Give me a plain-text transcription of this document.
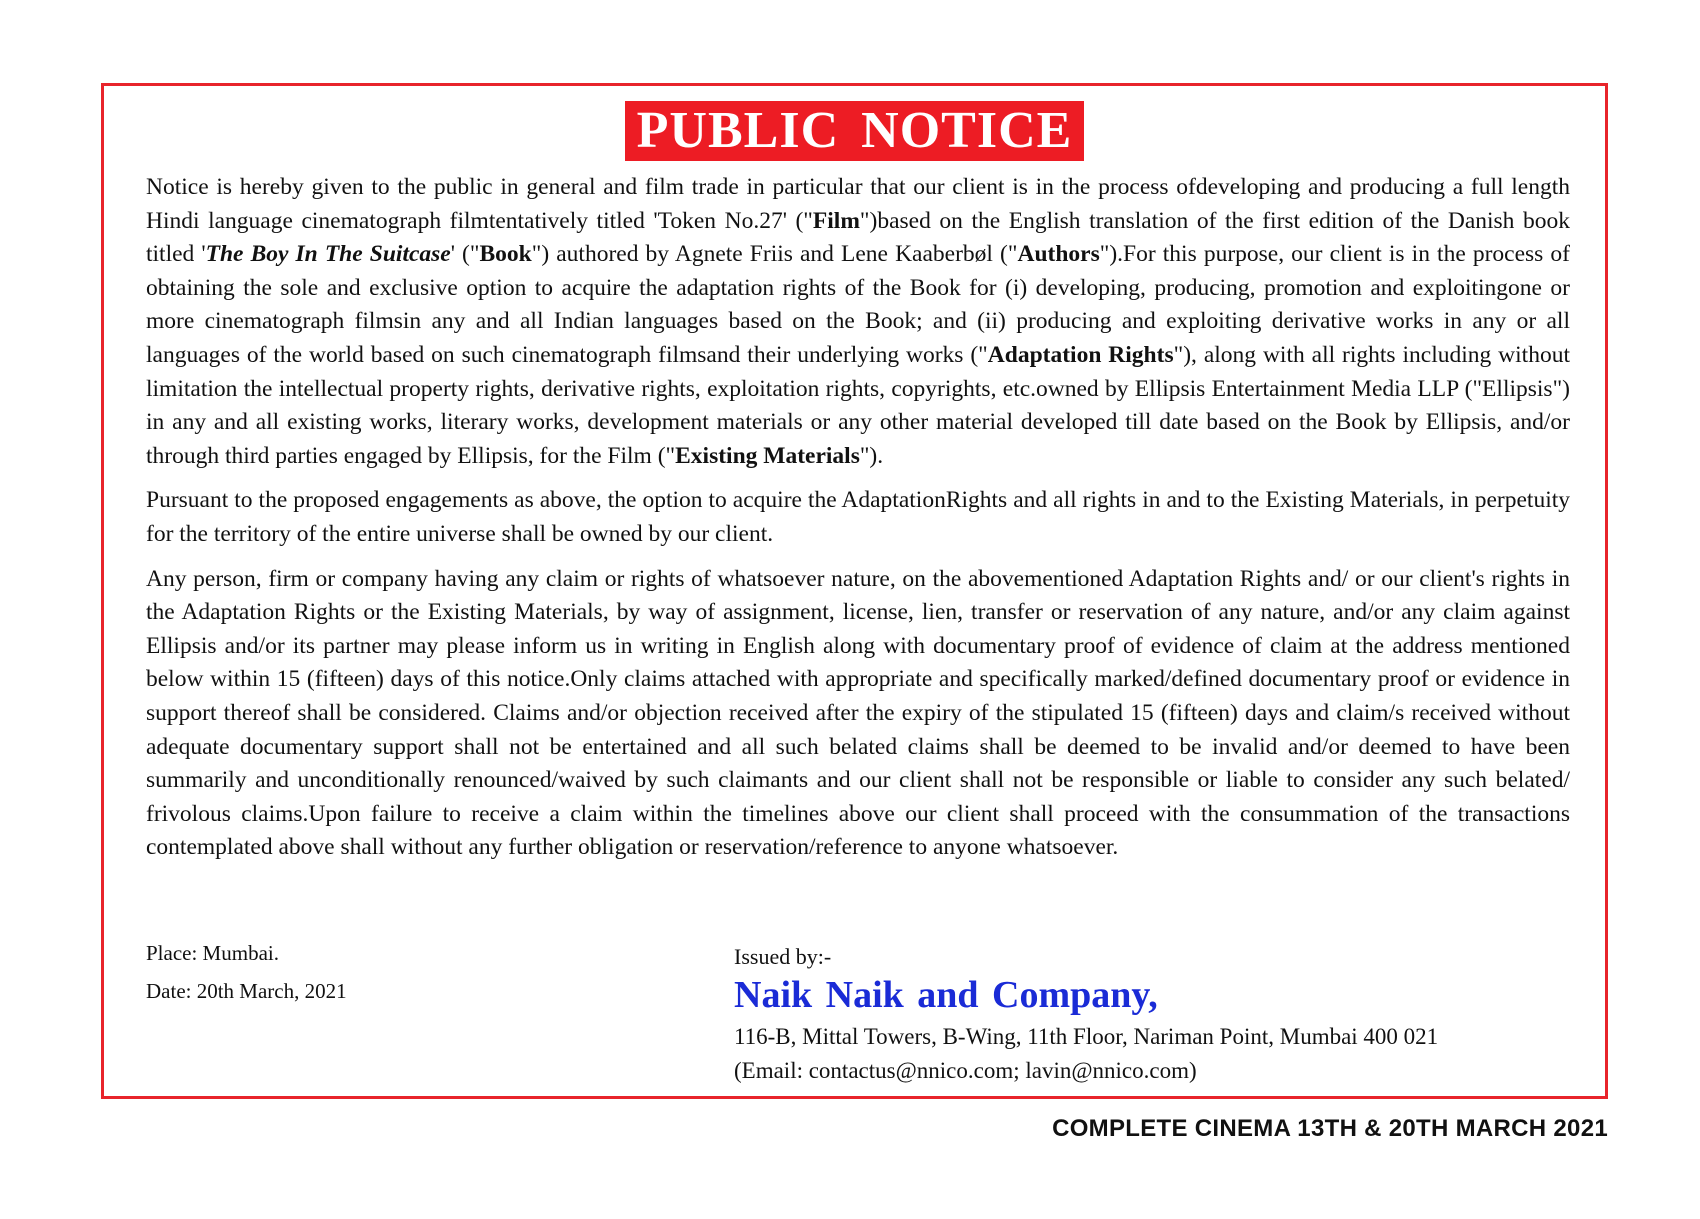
PUBLIC NOTICE

Notice is hereby given to the public in general and film trade in particular that our client is in the process ofdeveloping and producing a full length Hindi language cinematograph filmtentatively titled 'Token No.27' ("Film")based on the English translation of the first edition of the Danish book titled 'The Boy In The Suitcase' ("Book") authored by Agnete Friis and Lene Kaaberbøl ("Authors").For this purpose, our client is in the process of obtaining the sole and exclusive option to acquire the adaptation rights of the Book for (i) developing, producing, promotion and exploitingone or more cinematograph filmsin any and all Indian languages based on the Book; and (ii) producing and exploiting derivative works in any or all languages of the world based on such cinematograph filmsand their underlying works ("Adaptation Rights"), along with all rights including without limitation the intellectual property rights, derivative rights, exploitation rights, copyrights, etc.owned by Ellipsis Entertainment Media LLP ("Ellipsis") in any and all existing works, literary works, development materials or any other material developed till date based on the Book by Ellipsis, and/or through third parties engaged by Ellipsis, for the Film ("Existing Materials").

Pursuant to the proposed engagements as above, the option to acquire the AdaptationRights and all rights in and to the Existing Materials, in perpetuity for the territory of the entire universe shall be owned by our client.

Any person, firm or company having any claim or rights of whatsoever nature, on the abovementioned Adaptation Rights and/ or our client's rights in the Adaptation Rights or the Existing Materials, by way of assignment, license, lien, transfer or reservation of any nature, and/or any claim against Ellipsis and/or its partner may please inform us in writing in English along with documentary proof of evidence of claim at the address mentioned below within 15 (fifteen) days of this notice.Only claims attached with appropriate and specifically marked/defined documentary proof or evidence in support thereof shall be considered. Claims and/or objection received after the expiry of the stipulated 15 (fifteen) days and claim/s received without adequate documentary support shall not be entertained and all such belated claims shall be deemed to be invalid and/or deemed to have been summarily and unconditionally renounced/waived by such claimants and our client shall not be responsible or liable to consider any such belated/ frivolous claims.Upon failure to receive a claim within the timelines above our client shall proceed with the consummation of the transactions contemplated above shall without any further obligation or reservation/reference to anyone whatsoever.

Place: Mumbai.
Date: 20th March, 2021
Issued by:-
Naik Naik and Company,
116-B, Mittal Towers, B-Wing, 11th Floor, Nariman Point, Mumbai 400 021
(Email: contactus@nnico.com; lavin@nnico.com)
COMPLETE CINEMA 13TH & 20TH MARCH 2021
